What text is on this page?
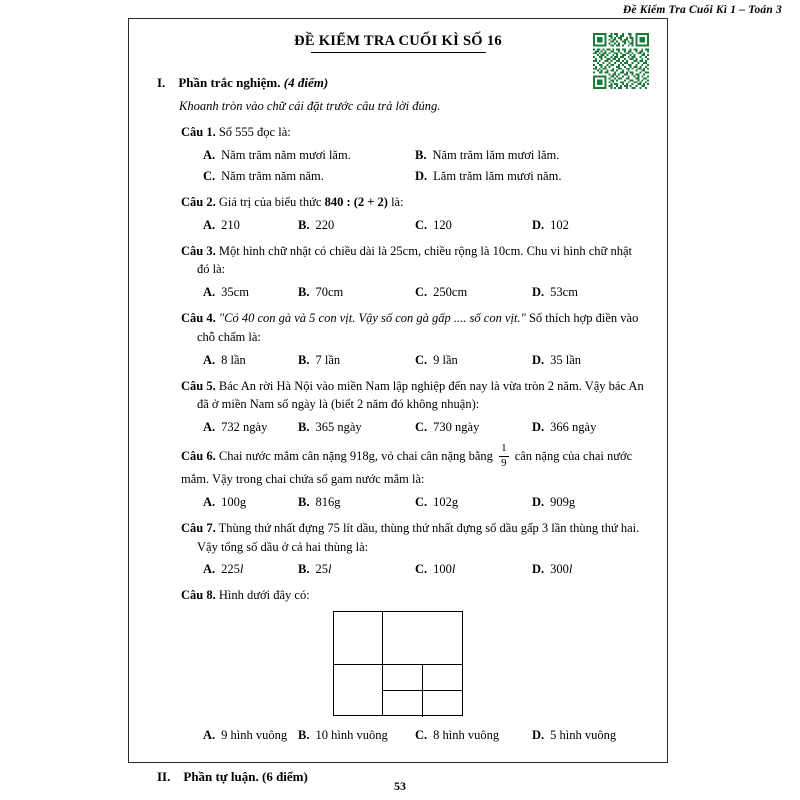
Đề Kiểm Tra Cuối Kì 1 – Toán 3
ĐỀ KIỂM TRA CUỐI KÌ SỐ 16
I. Phần trắc nghiệm. (4 điểm)
Khoanh tròn vào chữ cái đặt trước câu trả lời đúng.
Câu 1. Số 555 đọc là:
A. Năm trăm năm mươi lăm.	B. Năm trăm lăm mươi lăm.
C. Năm trăm năm năm.	D. Lăm trăm lăm mươi năm.
Câu 2. Giá trị của biểu thức 840 : (2 + 2) là:
A. 210	B. 220	C. 120	D. 102
Câu 3. Một hình chữ nhật có chiều dài là 25cm, chiều rộng là 10cm. Chu vi hình chữ nhật
đó là:
A. 35cm	B. 70cm	C. 250cm	D. 53cm
Câu 4. "Có 40 con gà và 5 con vịt. Vậy số con gà gấp .... số con vịt." Số thích hợp điền vào
chỗ chấm là:
A. 8 lần	B. 7 lần	C. 9 lần	D. 35 lần
Câu 5. Bác An rời Hà Nội vào miền Nam lập nghiệp đến nay là vừa tròn 2 năm. Vậy bác An
đã ở miền Nam số ngày là (biết 2 năm đó không nhuận):
A. 732 ngày	B. 365 ngày	C. 730 ngày	D. 366 ngày
Câu 6. Chai nước mắm cân nặng 918g, vỏ chai cân nặng bằng $\frac{1}{9}$ cân nặng của chai nước
mắm. Vậy trong chai chứa số gam nước mắm là:
A. 100g	B. 816g	C. 102g	D. 909g
Câu 7. Thùng thứ nhất đựng 75 lít dầu, thùng thứ nhất đựng số dầu gấp 3 lần thùng thứ hai.
Vậy tổng số dầu ở cả hai thùng là:
A. 225l	B. 25l	C. 100l	D. 300l
Câu 8. Hình dưới đây có:
A. 9 hình vuông B. 10 hình vuông	C. 8 hình vuông	D. 5 hình vuông
II. Phần tự luận. (6 điểm)
53
